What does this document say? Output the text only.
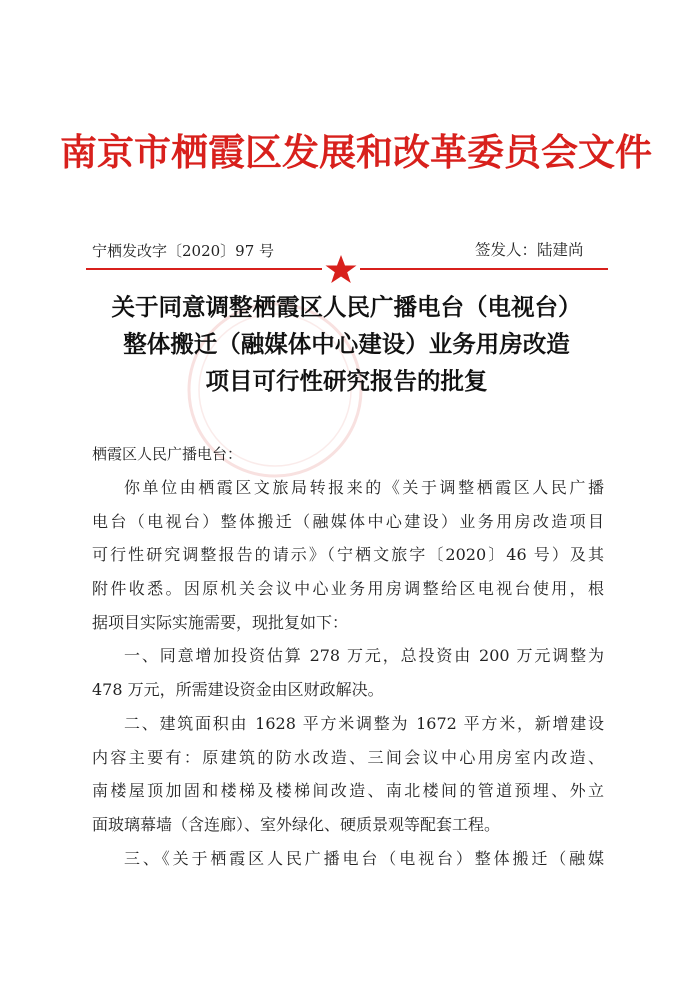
南京市栖霞区发展和改革委员会文件
宁栖发改字〔2020〕97 号	签发人：陆建尚
关于同意调整栖霞区人民广播电台（电视台）
整体搬迁（融媒体中心建设）业务用房改造
项目可行性研究报告的批复
栖霞区人民广播电台：
你单位由栖霞区文旅局转报来的《关于调整栖霞区人民广播
电台（电视台）整体搬迁（融媒体中心建设）业务用房改造项目
可行性研究调整报告的请示》（宁栖文旅字〔2020〕46 号）及其
附件收悉。因原机关会议中心业务用房调整给区电视台使用，根
据项目实际实施需要，现批复如下：
一、同意增加投资估算 278 万元，总投资由 200 万元调整为
478 万元，所需建设资金由区财政解决。
二、建筑面积由 1628 平方米调整为 1672 平方米，新增建设
内容主要有：原建筑的防水改造、三间会议中心用房室内改造、
南楼屋顶加固和楼梯及楼梯间改造、南北楼间的管道预埋、外立
面玻璃幕墙（含连廊）、室外绿化、硬质景观等配套工程。
三、《关于栖霞区人民广播电台（电视台）整体搬迁（融媒
